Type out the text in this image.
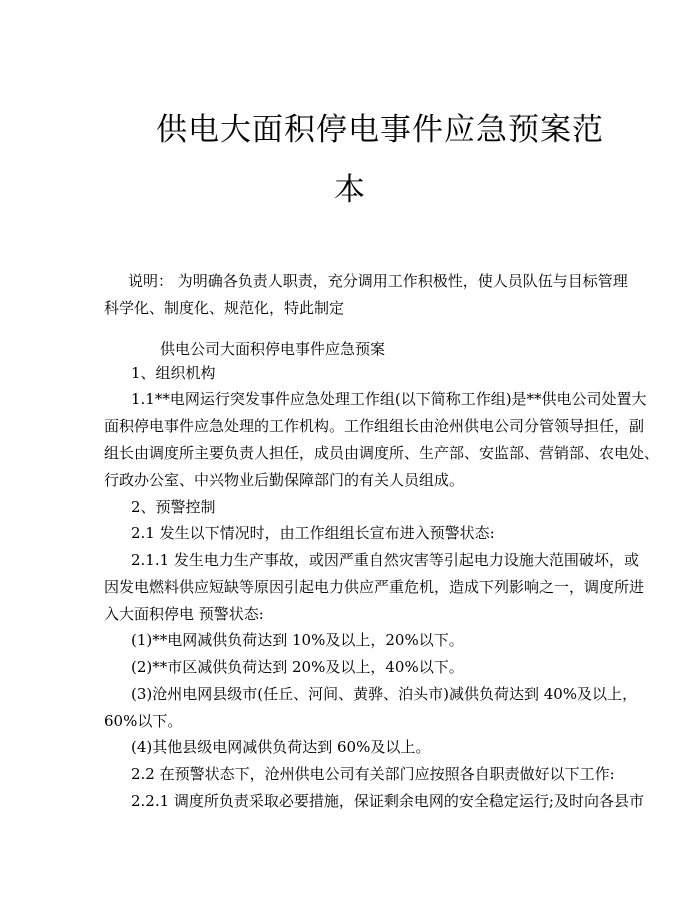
供电大面积停电事件应急预案范
本
说明： 为明确各负责人职责，充分调用工作积极性，使人员队伍与目标管理
科学化、制度化、规范化，特此制定
供电公司大面积停电事件应急预案
1、组织机构
1.1**电网运行突发事件应急处理工作组(以下简称工作组)是**供电公司处置大
面积停电事件应急处理的工作机构。工作组组长由沧州供电公司分管领导担任，副
组长由调度所主要负责人担任，成员由调度所、生产部、安监部、营销部、农电处、
行政办公室、中兴物业后勤保障部门的有关人员组成。
2、预警控制
2.1 发生以下情况时，由工作组组长宣布进入预警状态:
2.1.1 发生电力生产事故，或因严重自然灾害等引起电力设施大范围破坏，或
因发电燃料供应短缺等原因引起电力供应严重危机，造成下列影响之一，调度所进
入大面积停电 预警状态:
(1)**电网减供负荷达到 10%及以上，20%以下。
(2)**市区减供负荷达到 20%及以上，40%以下。
(3)沧州电网县级市(任丘、河间、黄骅、泊头市)减供负荷达到 40%及以上，
60%以下。
(4)其他县级电网减供负荷达到 60%及以上。
2.2 在预警状态下，沧州供电公司有关部门应按照各自职责做好以下工作:
2.2.1 调度所负责采取必要措施，保证剩余电网的安全稳定运行;及时向各县市
